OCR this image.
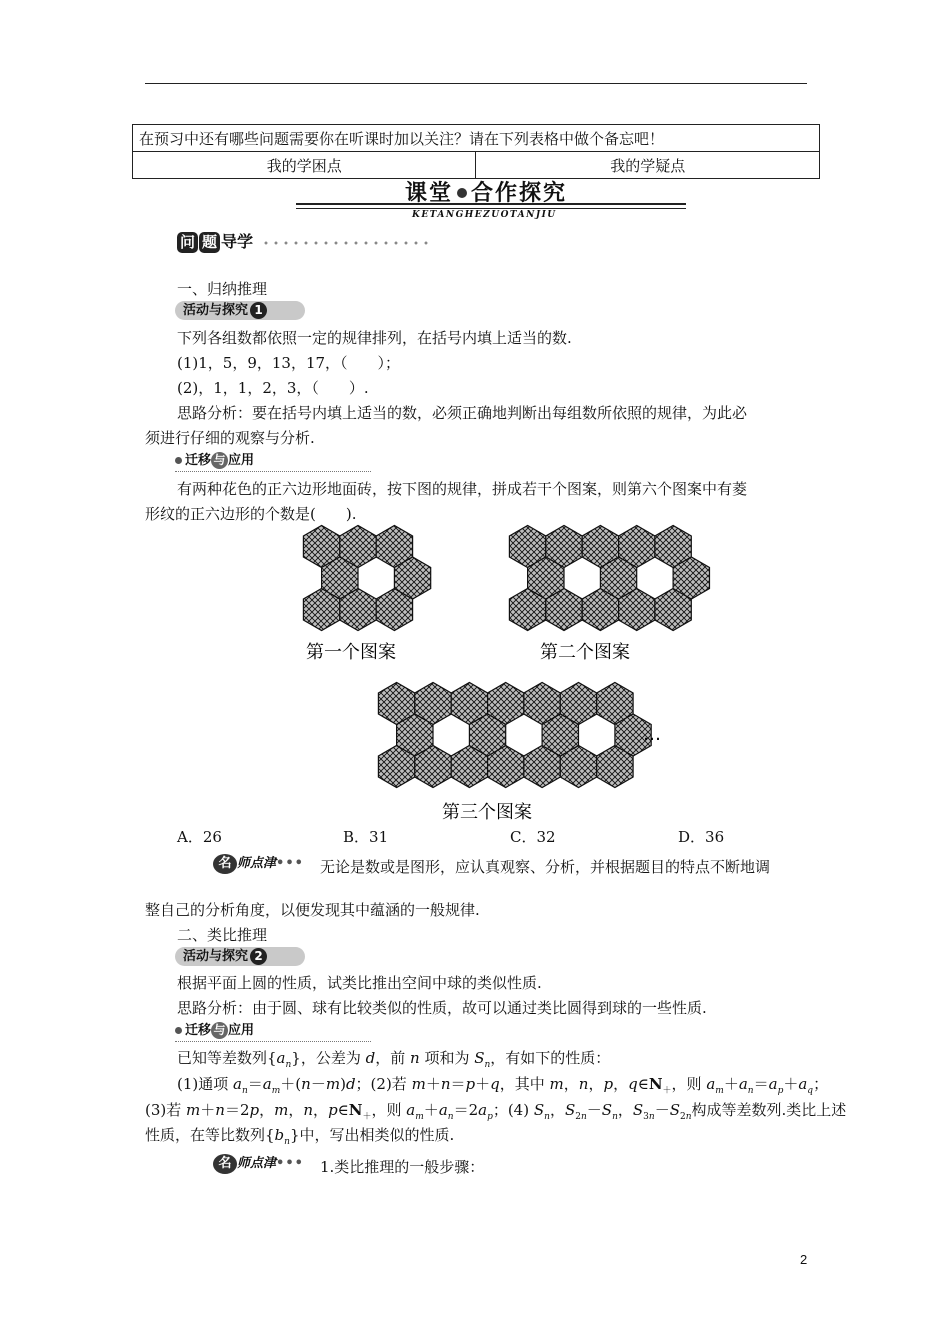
在预习中还有哪些问题需要你在听课时加以关注？请在下列表格中做个备忘吧！
我的学困点	我的学疑点
课堂 合作探究
KETANGHEZUOTANJIU
问 题 导学
一、归纳推理
活动与探究 1
下列各组数都依照一定的规律排列，在括号内填上适当的数.
(1)1，5，9，13，17，（　　）；
(2)，1，1，2，3，（　　）.
思路分析：要在括号内填上适当的数，必须正确地判断出每组数所依照的规律，为此必
须进行仔细的观察与分析.
迁移 与 应用
有两种花色的正六边形地面砖，按下图的规律，拼成若干个图案，则第六个图案中有菱
形纹的正六边形的个数是(　　).
第一个图案	第二个图案
第三个图案
…
A．26	B．31	C．32	D．36
名 师点津••• 无论是数或是图形，应认真观察、分析，并根据题目的特点不断地调
整自己的分析角度，以便发现其中蕴涵的一般规律.
二、类比推理
活动与探究 2
根据平面上圆的性质，试类比推出空间中球的类似性质.
思路分析：由于圆、球有比较类似的性质，故可以通过类比圆得到球的一些性质.
迁移 与 应用
已知等差数列$\{a_n\}$，公差为 d，前 n 项和为 $S_n$，有如下的性质：
(1)通项 $a_n=a_m+(n-m)d$；(2)若 m＋n＝p＋q，其中 m，n，p，$q\in N_+$，则 $a_m+a_n=a_p+a_q$；
(3)若 m＋n＝2p，m，n，$p\in N_+$，则 $a_m+a_n=2a_p$；(4) $S_n$，$S_{2n}-S_n$，$S_{3n}-S_{2n}$构成等差数列.类比上述
性质，在等比数列$\{b_n\}$中，写出相类似的性质.
名 师点津••• 1.类比推理的一般步骤：
2
